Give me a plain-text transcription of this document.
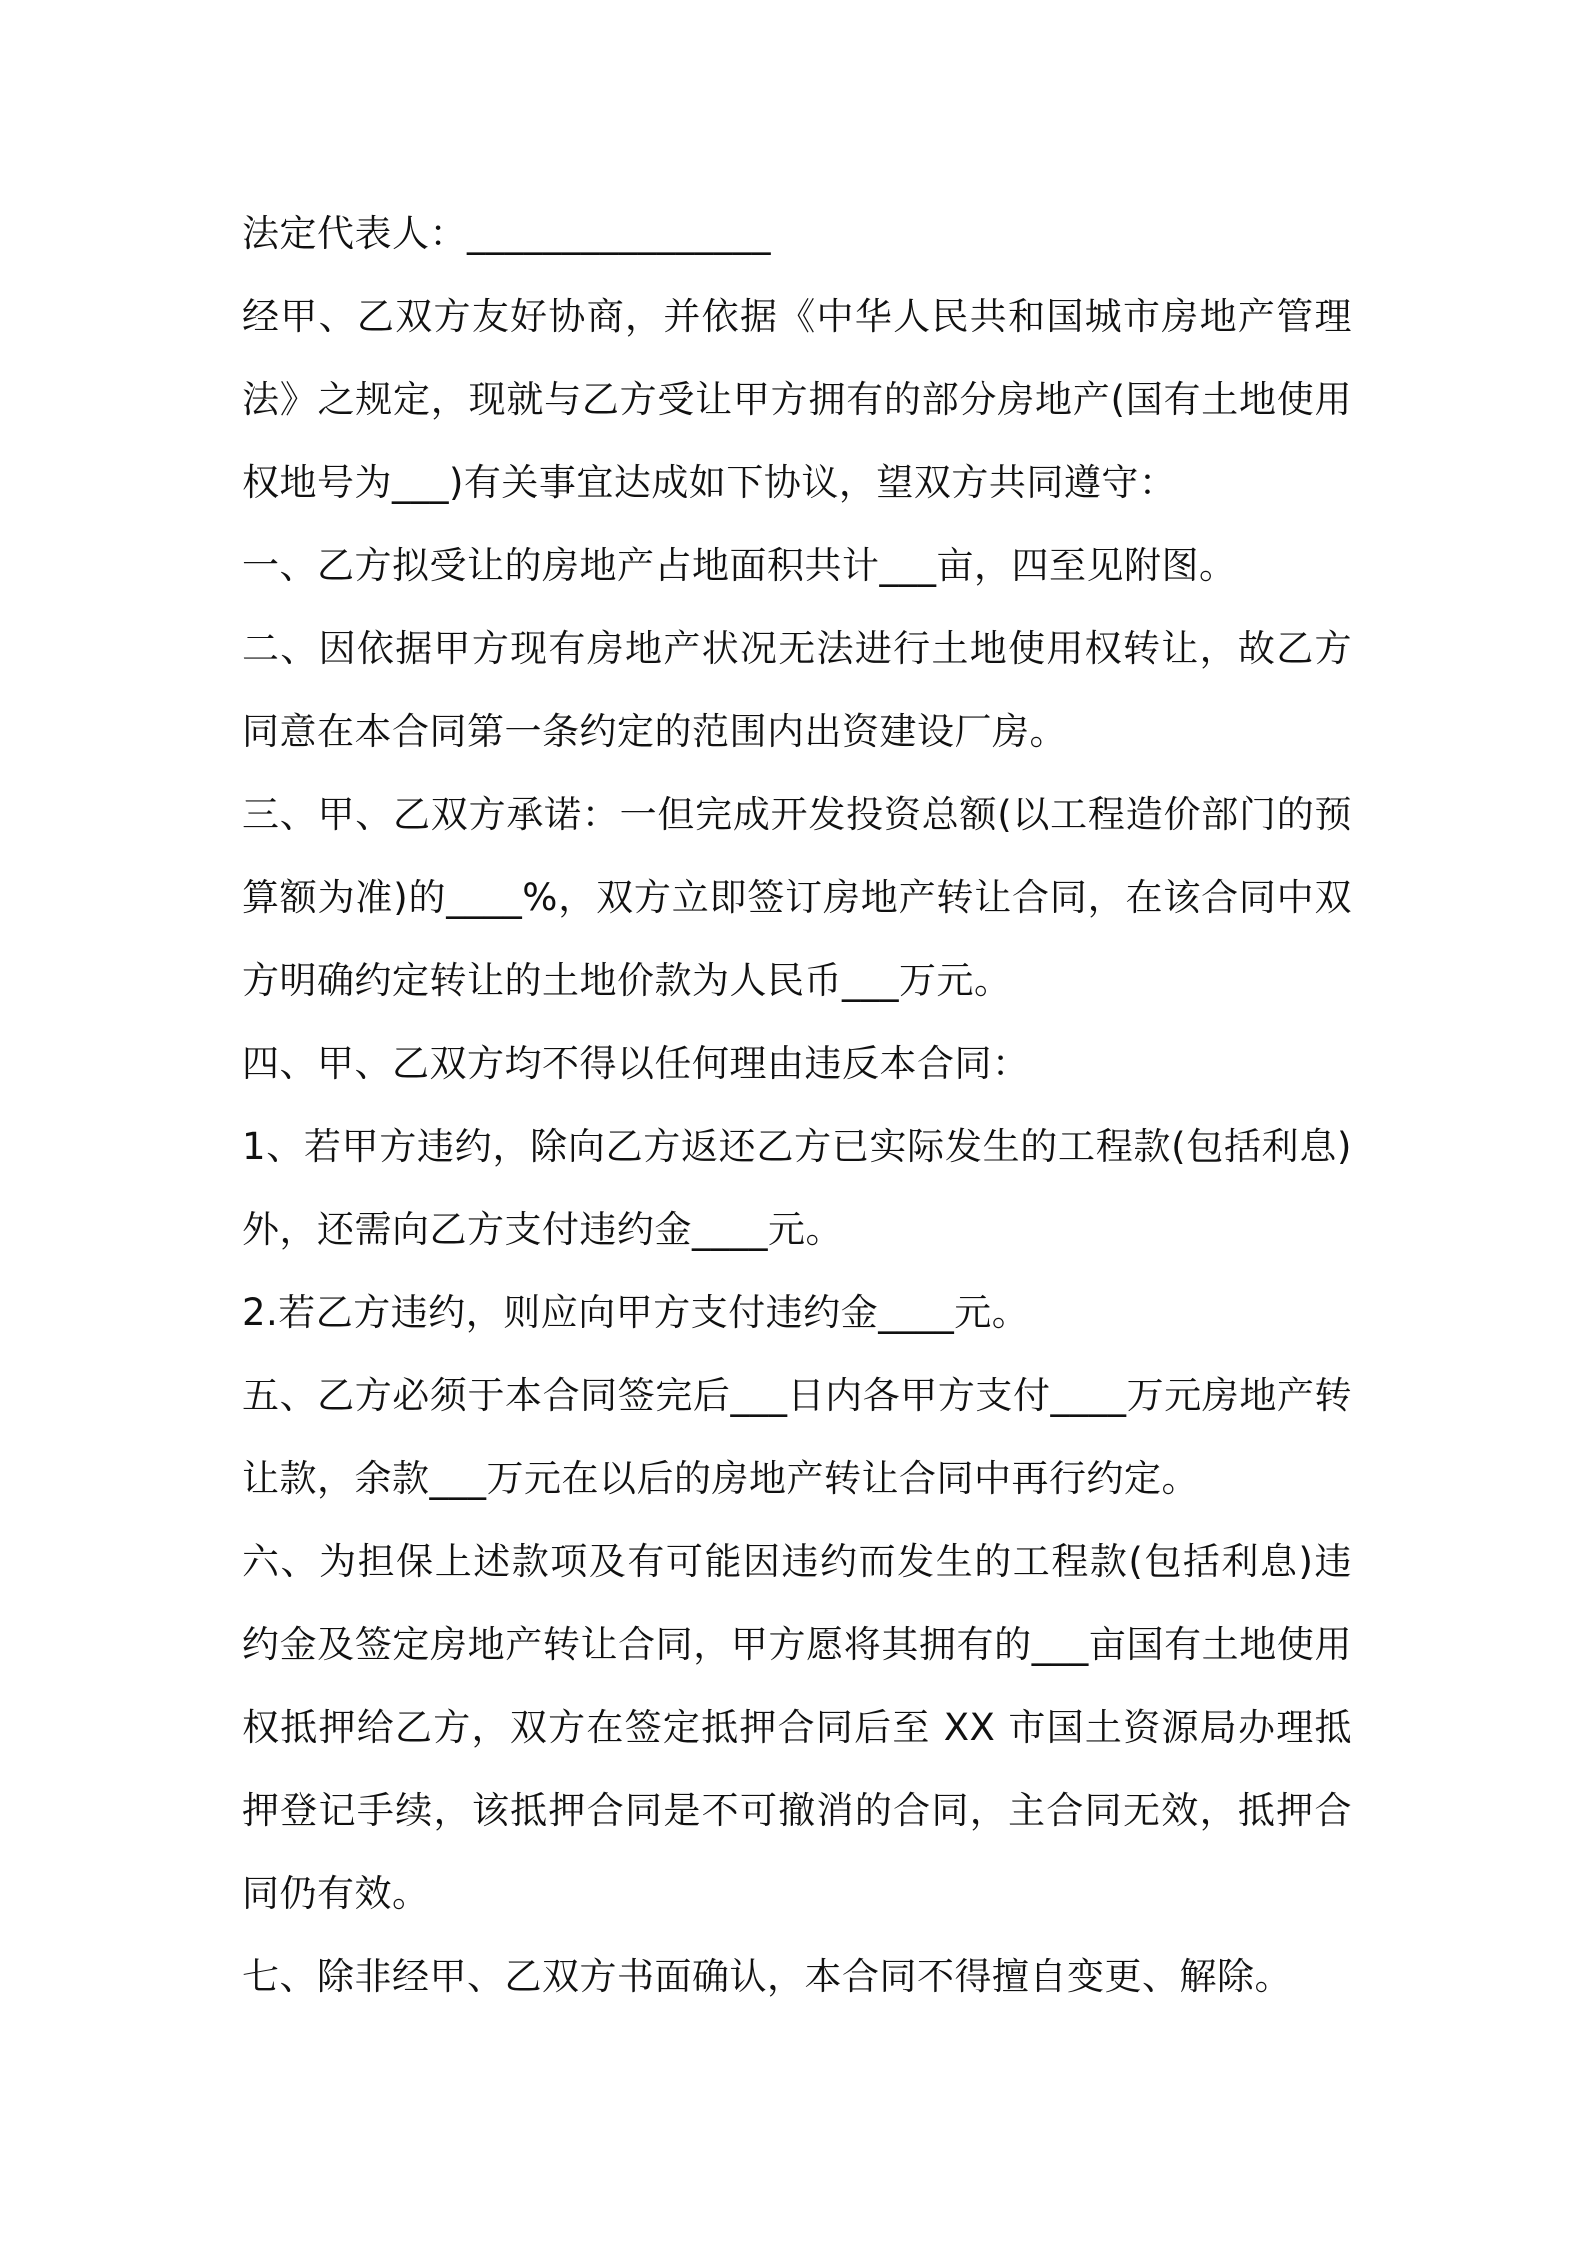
法定代表人：________________

经甲、乙双方友好协商，并依据《中华人民共和国城市房地产管理法》之规定，现就与乙方受让甲方拥有的部分房地产(国有土地使用权地号为___)有关事宜达成如下协议，望双方共同遵守：

一、乙方拟受让的房地产占地面积共计___亩，四至见附图。

二、因依据甲方现有房地产状况无法进行土地使用权转让，故乙方同意在本合同第一条约定的范围内出资建设厂房。

三、甲、乙双方承诺：一但完成开发投资总额(以工程造价部门的预算额为准)的____%，双方立即签订房地产转让合同，在该合同中双方明确约定转让的土地价款为人民币___万元。

四、甲、乙双方均不得以任何理由违反本合同：

1、若甲方违约，除向乙方返还乙方已实际发生的工程款(包括利息)外，还需向乙方支付违约金____元。

2.若乙方违约，则应向甲方支付违约金____元。

五、乙方必须于本合同签完后___日内各甲方支付____万元房地产转让款，余款___万元在以后的房地产转让合同中再行约定。

六、为担保上述款项及有可能因违约而发生的工程款(包括利息)违约金及签定房地产转让合同，甲方愿将其拥有的___亩国有土地使用权抵押给乙方，双方在签定抵押合同后至 XX 市国土资源局办理抵押登记手续，该抵押合同是不可撤消的合同，主合同无效，抵押合同仍有效。

七、除非经甲、乙双方书面确认，本合同不得擅自变更、解除。
